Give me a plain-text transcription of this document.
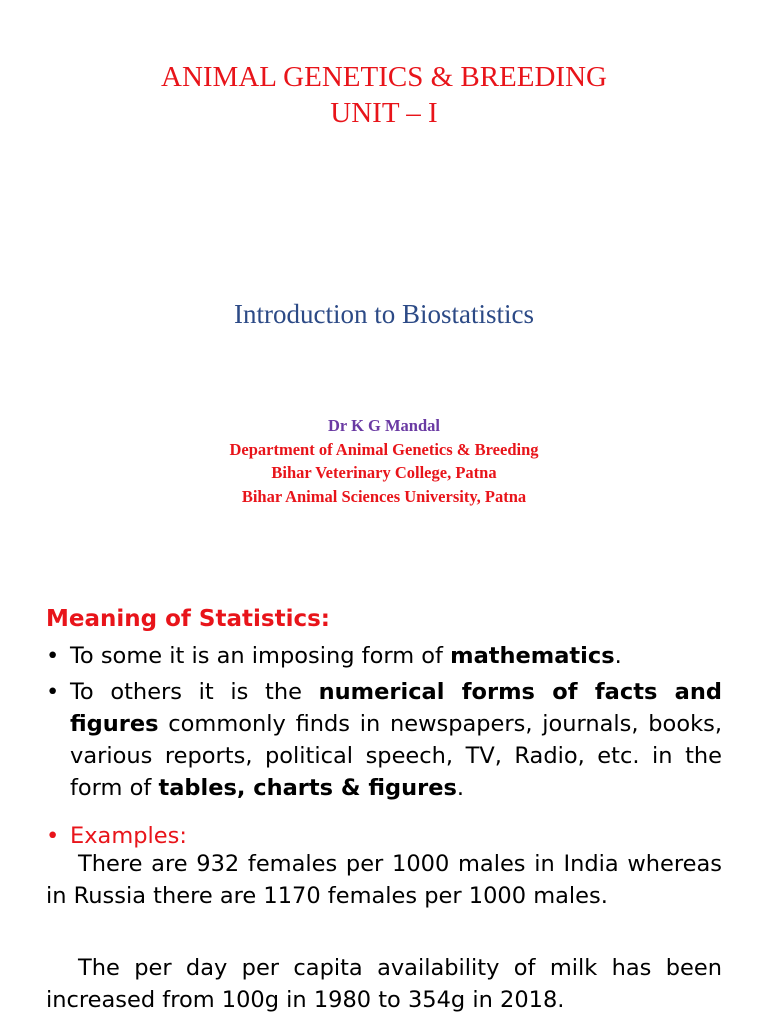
ANIMAL GENETICS & BREEDING
UNIT – I
Introduction to Biostatistics
Dr K G Mandal
Department of Animal Genetics & Breeding
Bihar Veterinary College, Patna
Bihar Animal Sciences University, Patna
Meaning of Statistics:
• To some it is an imposing form of mathematics.
• To others it is the numerical forms of facts and figures commonly finds in newspapers, journals, books, various reports, political speech, TV, Radio, etc. in the form of tables, charts & figures.
• Examples:
There are 932 females per 1000 males in India whereas in Russia there are 1170 females per 1000 males.
The per day per capita availability of milk has been increased from 100g in 1980 to 354g in 2018.
